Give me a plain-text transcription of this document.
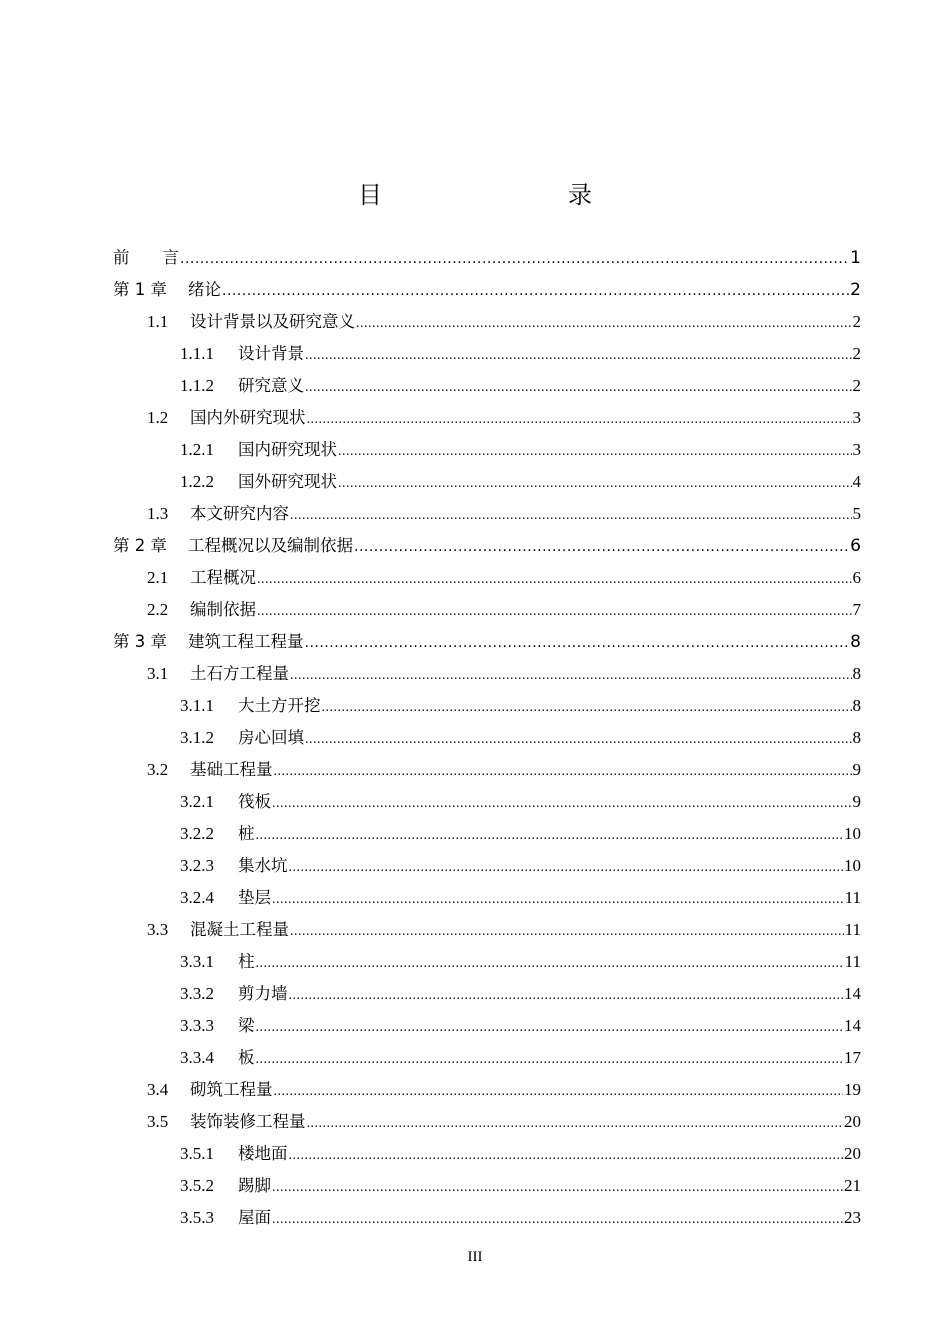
目　　录
前　　言 .....	1
第 1 章	绪论 .....	2
1.1	设计背景以及研究意义 .....	2
1.1.1	设计背景 .....	2
1.1.2	研究意义 .....	2
1.2	国内外研究现状 .....	3
1.2.1	国内研究现状 .....	3
1.2.2	国外研究现状 .....	4
1.3	本文研究内容 .....	5
第 2 章	工程概况以及编制依据 .....	6
2.1	工程概况 .....	6
2.2	编制依据 .....	7
第 3 章	建筑工程工程量 .....	8
3.1	土石方工程量 .....	8
3.1.1	大土方开挖 .....	8
3.1.2	房心回填 .....	8
3.2	基础工程量 .....	9
3.2.1	筏板 .....	9
3.2.2	桩 .....	10
3.2.3	集水坑 .....	10
3.2.4	垫层 .....	11
3.3	混凝土工程量 .....	11
3.3.1	柱 .....	11
3.3.2	剪力墙 .....	14
3.3.3	梁 .....	14
3.3.4	板 .....	17
3.4	砌筑工程量 .....	19
3.5	装饰装修工程量 .....	20
3.5.1	楼地面 .....	20
3.5.2	踢脚 .....	21
3.5.3	屋面 .....	23
III
